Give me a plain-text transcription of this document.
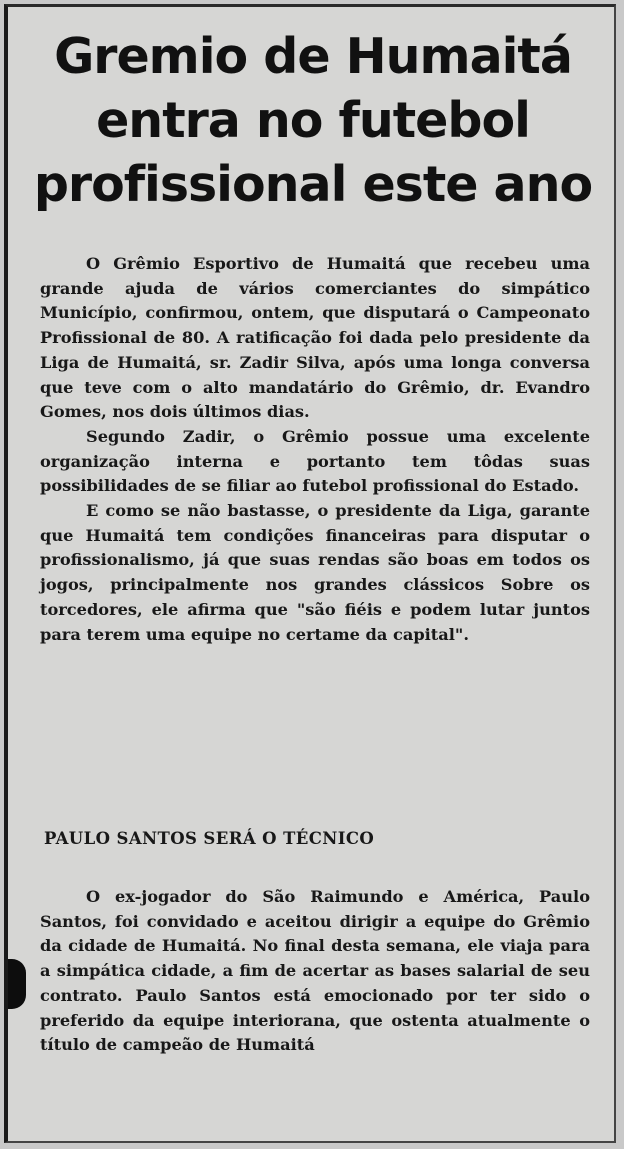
Gremio de Humaitá
entra no futebol
profissional este ano

O Grêmio Esportivo de Humaitá que recebeu uma grande ajuda de vários comerciantes do simpático Município, confirmou, ontem, que disputará o Campeonato Profissional de 80. A ratificação foi dada pelo presidente da Liga de Humaitá, sr. Zadir Silva, após uma longa conversa que teve com o alto mandatário do Grêmio, dr. Evandro Gomes, nos dois últimos dias.

Segundo Zadir, o Grêmio possue uma excelente organização interna e portanto tem tôdas suas possibilidades de se filiar ao futebol profissional do Estado.

E como se não bastasse, o presidente da Liga, garante que Humaitá tem condições financeiras para disputar o profissionalismo, já que suas rendas são boas em todos os jogos, principalmente nos grandes clássicos Sobre os torcedores, ele afirma que "são fiéis e podem lutar juntos para terem uma equipe no certame da capital".

PAULO SANTOS SERÁ O TÉCNICO

O ex-jogador do São Raimundo e América, Paulo Santos, foi convidado e aceitou dirigir a equipe do Grêmio da cidade de Humaitá. No final desta semana, ele viaja para a simpática cidade, a fim de acertar as bases salarial de seu contrato. Paulo Santos está emocionado por ter sido o preferido da equipe interiorana, que ostenta atualmente o título de campeão de Humaitá
